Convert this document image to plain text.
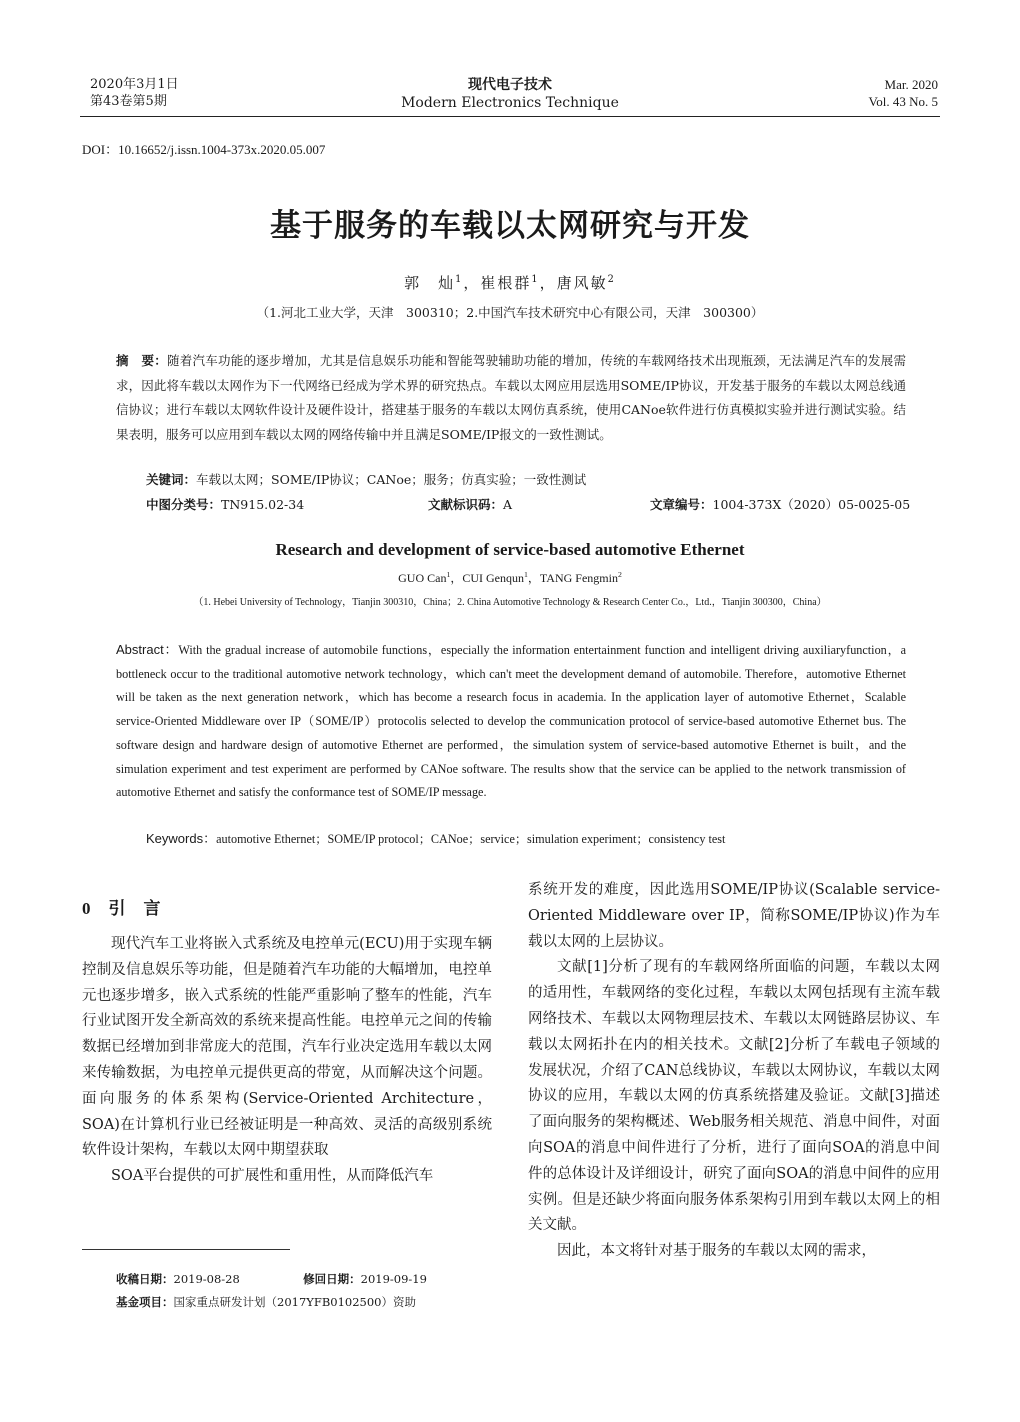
2020年3月1日
第43卷第5期
现代电子技术
Modern Electronics Technique
Mar. 2020
Vol. 43 No. 5
DOI：10.16652/j.issn.1004-373x.2020.05.007
基于服务的车载以太网研究与开发
郭　灿$^1$，崔根群$^1$，唐风敏$^2$
（1.河北工业大学，天津　300310；2.中国汽车技术研究中心有限公司，天津　300300）
摘　要：随着汽车功能的逐步增加，尤其是信息娱乐功能和智能驾驶辅助功能的增加，传统的车载网络技术出现瓶颈，无法满足汽车的发展需求，因此将车载以太网作为下一代网络已经成为学术界的研究热点。车载以太网应用层选用SOME/IP协议，开发基于服务的车载以太网总线通信协议；进行车载以太网软件设计及硬件设计，搭建基于服务的车载以太网仿真系统，使用CANoe软件进行仿真模拟实验并进行测试实验。结果表明，服务可以应用到车载以太网的网络传输中并且满足SOME/IP报文的一致性测试。
关键词：车载以太网；SOME/IP协议；CANoe；服务；仿真实验；一致性测试
中图分类号：TN915.02-34	文献标识码：A	文章编号：1004-373X（2020）05-0025-05
Research and development of service-based automotive Ethernet
GUO Can$^1$，CUI Genqun$^1$，TANG Fengmin$^2$
（1. Hebei University of Technology，Tianjin 300310，China；2. China Automotive Technology & Research Center Co.，Ltd.，Tianjin 300300，China）
Abstract：With the gradual increase of automobile functions，especially the information entertainment function and intelligent driving auxiliaryfunction，a bottleneck occur to the traditional automotive network technology，which can't meet the development demand of automobile. Therefore，automotive Ethernet will be taken as the next generation network，which has become a research focus in academia. In the application layer of automotive Ethernet，Scalable service-Oriented Middleware over IP（SOME/IP）protocolis selected to develop the communication protocol of service-based automotive Ethernet bus. The software design and hardware design of automotive Ethernet are performed，the simulation system of service-based automotive Ethernet is built，and the simulation experiment and test experiment are performed by CANoe software. The results show that the service can be applied to the network transmission of automotive Ethernet and satisfy the conformance test of SOME/IP message.
Keywords：automotive Ethernet；SOME/IP protocol；CANoe；service；simulation experiment；consistency test
0 引言

现代汽车工业将嵌入式系统及电控单元(ECU)用于实现车辆控制及信息娱乐等功能，但是随着汽车功能的大幅增加，电控单元也逐步增多，嵌入式系统的性能严重影响了整车的性能，汽车行业试图开发全新高效的系统来提高性能。电控单元之间的传输数据已经增加到非常庞大的范围，汽车行业决定选用车载以太网来传输数据，为电控单元提供更高的带宽，从而解决这个问题。面向服务的体系架构(Service-Oriented Architecture，SOA)在计算机行业已经被证明是一种高效、灵活的高级别系统软件设计架构，车载以太网中期望获取

SOA平台提供的可扩展性和重用性，从而降低汽车

系统开发的难度，因此选用SOME/IP协议(Scalable service-Oriented Middleware over IP，简称SOME/IP协议)作为车载以太网的上层协议。

文献[1]分析了现有的车载网络所面临的问题，车载以太网的适用性，车载网络的变化过程，车载以太网包括现有主流车载网络技术、车载以太网物理层技术、车载以太网链路层协议、车载以太网拓扑在内的相关技术。文献[2]分析了车载电子领域的发展状况，介绍了CAN总线协议，车载以太网协议，车载以太网协议的应用，车载以太网的仿真系统搭建及验证。文献[3]描述了面向服务的架构概述、Web服务相关规范、消息中间件，对面向SOA的消息中间件进行了分析，进行了面向SOA的消息中间件的总体设计及详细设计，研究了面向SOA的消息中间件的应用实例。但是还缺少将面向服务体系架构引用到车载以太网上的相关文献。

因此，本文将针对基于服务的车载以太网的需求，

收稿日期：2019-08-28	修回日期：2019-09-19
基金项目：国家重点研发计划（2017YFB0102500）资助
